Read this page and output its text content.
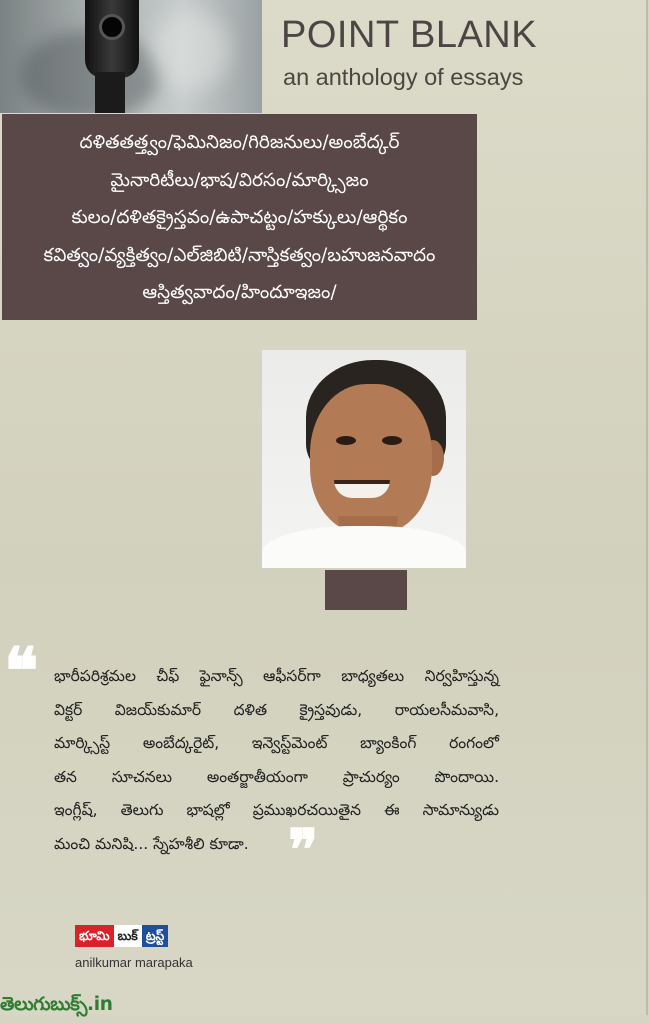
POINT BLANK
an anthology of essays
దళితతత్త్వం/ఫెమినిజం/గిరిజనులు/అంబేద్కర్
మైనారిటీలు/భాష/విరసం/మార్క్సిజం
కులం/దళితక్రైస్తవం/ఉపాచట్టం/హక్కులు/ఆర్థికం
కవిత్వం/వ్యక్తిత్వం/ఎల్‌జిబిటి/నాస్తికత్వం/బహుజనవాదం
ఆస్తిత్వవాదం/హిందూఇజం/
❝ భారీపరిశ్రమల చీఫ్ ఫైనాన్స్ ఆఫీసర్‌గా బాధ్యతలు నిర్వహిస్తున్న
విక్టర్ విజయ్‌కుమార్ దళిత క్రైస్తవుడు, రాయలసీమవాసి,
మార్క్సిస్ట్ అంబేద్కరైట్, ఇన్వెస్ట్‌మెంట్ బ్యాంకింగ్ రంగంలో
తన సూచనలు అంతర్జాతీయంగా ప్రాచుర్యం పొందాయి.
ఇంగ్లీష్, తెలుగు భాషల్లో ప్రముఖరచయితైన ఈ సామాన్యుడు
మంచి మనిషి... స్నేహశీలి కూడా. ❞
భూమి బుక్ ట్రస్ట్
anilkumar marapaka
తెలుగుబుక్స్.in
